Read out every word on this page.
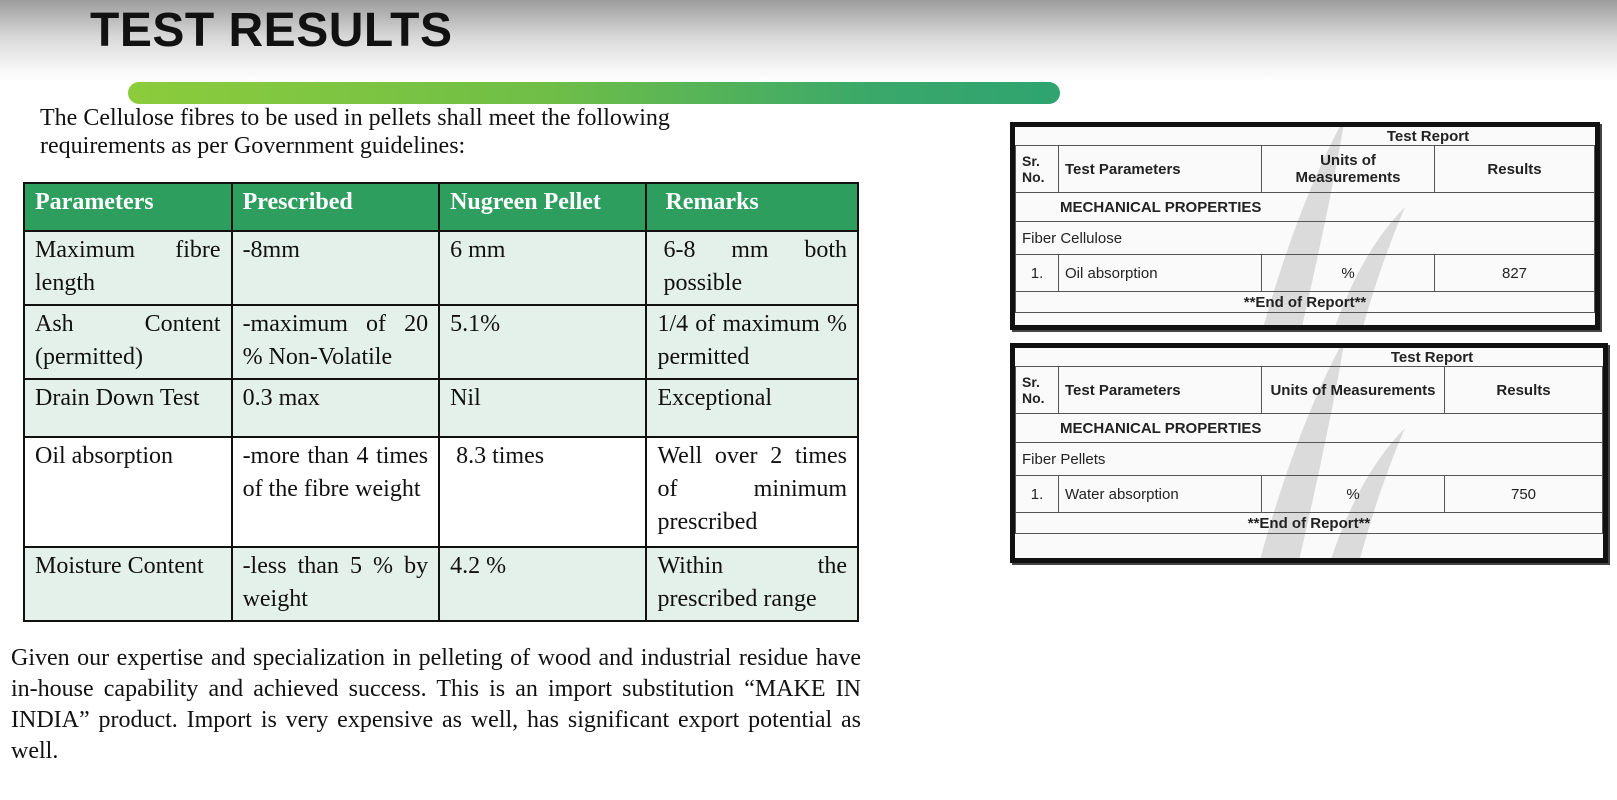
TEST RESULTS

The Cellulose fibres to be used in pellets shall meet the following requirements as per Government guidelines:

Parameters	Prescribed	Nugreen Pellet	Remarks
Maximum fibre length	-8mm	6 mm	6-8 mm both possible
Ash Content (permitted)	-maximum of 20 % Non-Volatile	5.1%	1/4 of maximum % permitted
Drain Down Test	0.3 max	Nil	Exceptional
Oil absorption	-more than 4 times of the fibre weight	8.3 times	Well over 2 times of minimum prescribed
Moisture Content	-less than 5 % by weight	4.2 %	Within the prescribed range

Given our expertise and specialization in pelleting of wood and industrial residue have in-house capability and achieved success. This is an import substitution “MAKE IN INDIA” product. Import is very expensive as well, has significant export potential as well.

		Test Report	
Sr. No.	Test Parameters	Units of Measurements	Results
MECHANICAL PROPERTIES			
Fiber Cellulose			
1.	Oil absorption	%	827
**End of Report**			
		Test Report	
Sr. No.	Test Parameters	Units of Measurements	Results
MECHANICAL PROPERTIES			
Fiber Pellets			
1.	Water absorption	%	750
**End of Report**			
